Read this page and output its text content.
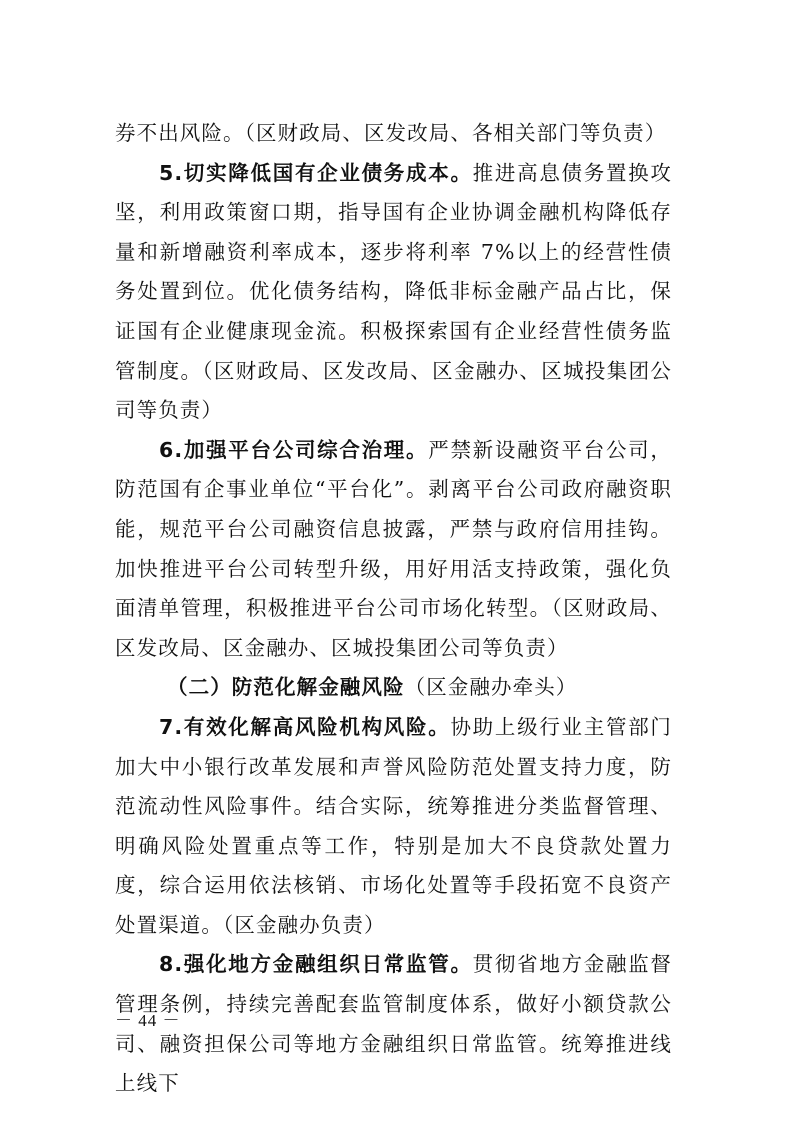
券不出风险。（区财政局、区发改局、各相关部门等负责）

5.切实降低国有企业债务成本。推进高息债务置换攻坚，利用政策窗口期，指导国有企业协调金融机构降低存量和新增融资利率成本，逐步将利率 7%以上的经营性债务处置到位。优化债务结构，降低非标金融产品占比，保证国有企业健康现金流。积极探索国有企业经营性债务监管制度。（区财政局、区发改局、区金融办、区城投集团公司等负责）

6.加强平台公司综合治理。严禁新设融资平台公司，防范国有企事业单位“平台化”。剥离平台公司政府融资职能，规范平台公司融资信息披露，严禁与政府信用挂钩。加快推进平台公司转型升级，用好用活支持政策，强化负面清单管理，积极推进平台公司市场化转型。（区财政局、区发改局、区金融办、区城投集团公司等负责）

（二）防范化解金融风险（区金融办牵头）

7.有效化解高风险机构风险。协助上级行业主管部门加大中小银行改革发展和声誉风险防范处置支持力度，防范流动性风险事件。结合实际，统筹推进分类监督管理、明确风险处置重点等工作，特别是加大不良贷款处置力度，综合运用依法核销、市场化处置等手段拓宽不良资产处置渠道。（区金融办负责）

8.强化地方金融组织日常监管。贯彻省地方金融监督管理条例，持续完善配套监管制度体系，做好小额贷款公司、融资担保公司等地方金融组织日常监管。统筹推进线上线下

－ 44 －
